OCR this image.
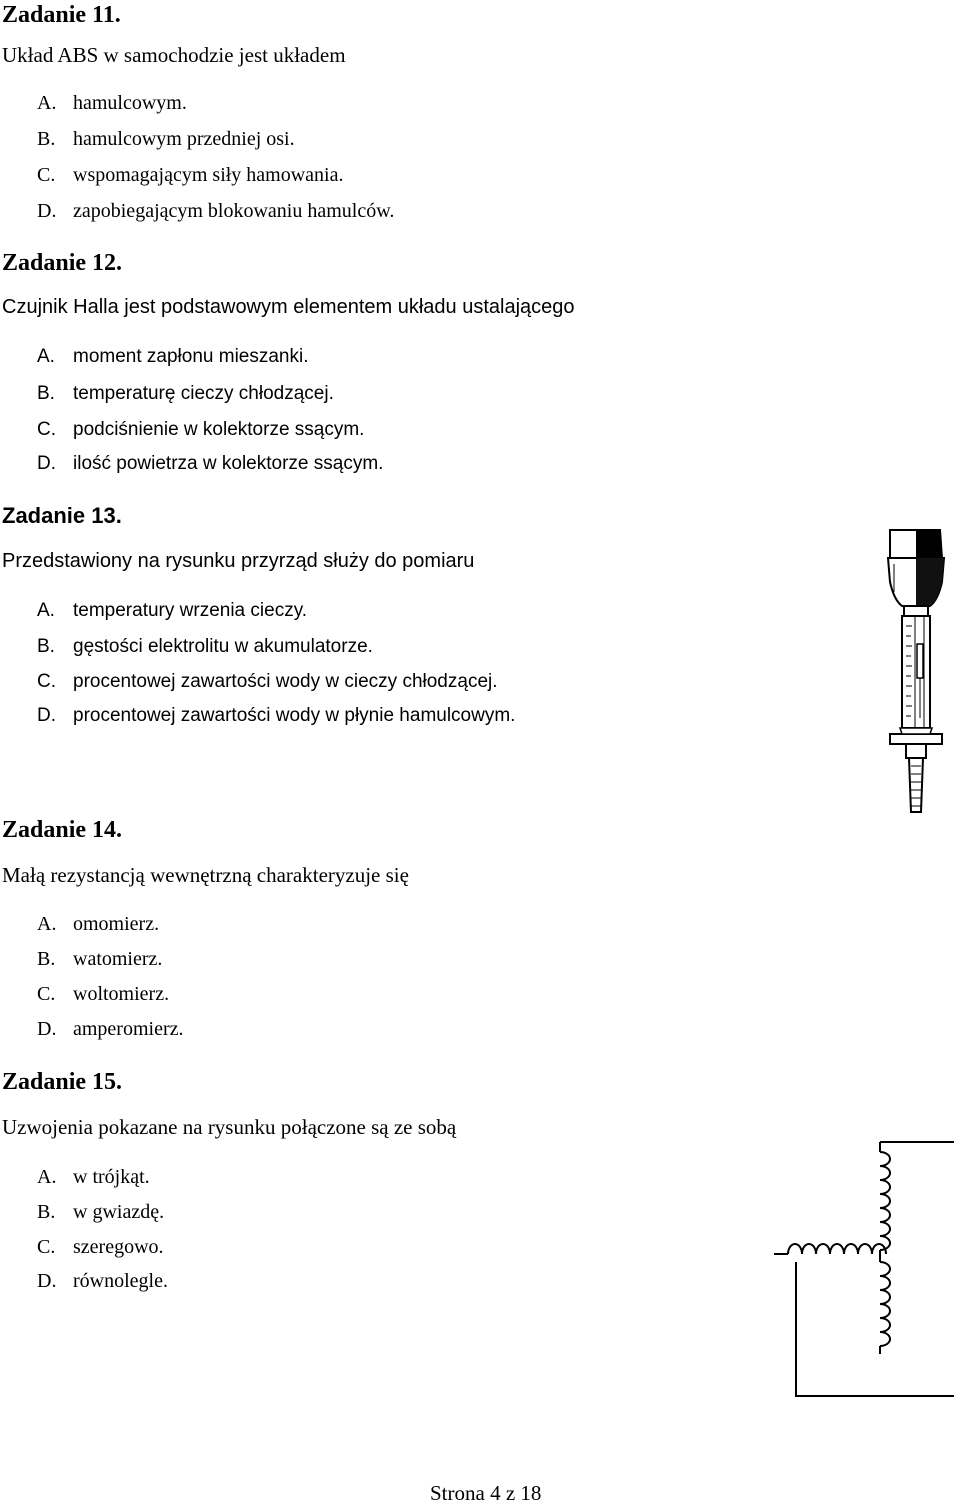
Zadanie 11.
Układ ABS w samochodzie jest układem
A. hamulcowym.
B. hamulcowym przedniej osi.
C. wspomagającym siły hamowania.
D. zapobiegającym blokowaniu hamulców.
Zadanie 12.
Czujnik Halla jest podstawowym elementem układu ustalającego
A. moment zapłonu mieszanki.
B. temperaturę cieczy chłodzącej.
C. podciśnienie w kolektorze ssącym.
D. ilość powietrza w kolektorze ssącym.
Zadanie 13.
Przedstawiony na rysunku przyrząd służy do pomiaru
A. temperatury wrzenia cieczy.
B. gęstości elektrolitu w akumulatorze.
C. procentowej zawartości wody w cieczy chłodzącej.
D. procentowej zawartości wody w płynie hamulcowym.
Zadanie 14.
Małą rezystancją wewnętrzną charakteryzuje się
A. omomierz.
B. watomierz.
C. woltomierz.
D. amperomierz.
Zadanie 15.
Uzwojenia pokazane na rysunku połączone są ze sobą
A. w trójkąt.
B. w gwiazdę.
C. szeregowo.
D. równolegle.
Strona 4 z 18
